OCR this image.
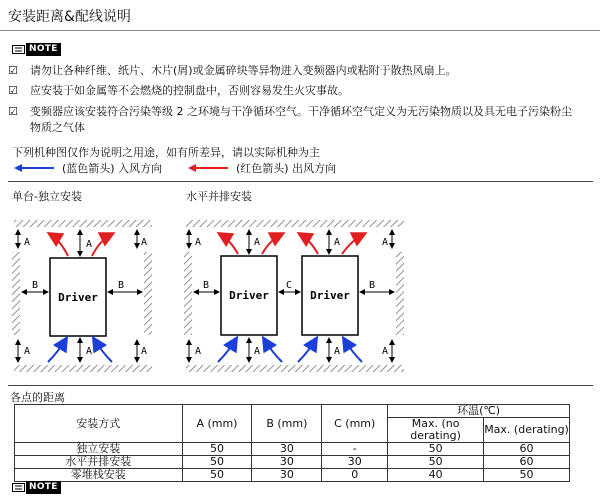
安装距离&配线说明
NOTE
☑	请勿让各种纤维、纸片、木片(屑)或金属碎块等异物进入变频器内或粘附于散热风扇上。
☑	应安装于如金属等不会燃烧的控制盘中，否则容易发生火灾事故。
☑	变频器应该安装符合污染等级 2 之环境与干净循环空气。干净循环空气定义为无污染物质以及具无电子污染粉尘物质之气体
下列机种图仅作为说明之用途，如有所差异，请以实际机种为主
(蓝色箭头) 入风方向	(红色箭头) 出风方向
单台-独立安装	水平并排安装
Driver
A	A	A
B	B
A	A	A
Driver	Driver
A	A	A	A
B	C	B
A	A	A	A
各点的距离
安装方式	A (mm)	B (mm)	C (mm)	环温(℃)	
				Max. (no derating)	Max. (derating)
独立安装	50	30	-	50	60
水平并排安装	50	30	30	50	60
零堆栈安装	50	30	0	40	50
NOTE
